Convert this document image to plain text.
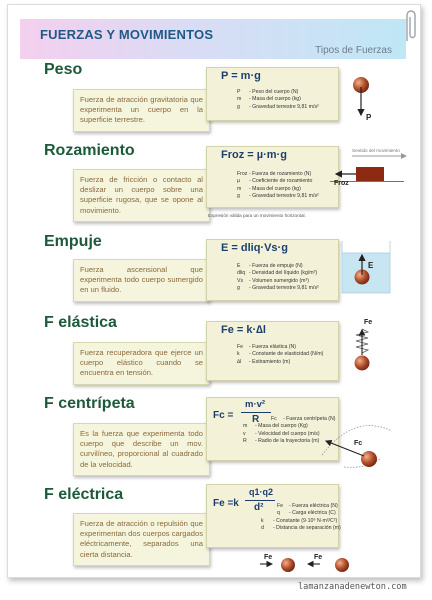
FUERZAS Y MOVIMIENTOS
Tipos de Fuerzas
Peso
Fuerza de atracción gravitatoria que experimenta un cuerpo en la superficie terrestre.
P = m·g
P	- Peso del cuerpo (N)
m	- Masa del cuerpo (kg)
g	- Gravedad terrestre 9,81 m/s²
P
Rozamiento
Fuerza de fricción o contacto al deslizar un cuerpo sobre una superficie rugosa, que se opone al movimiento.
Froz = µ·m·g
Froz - Fuerza de rozamiento (N)
µ	- Coeficiente de rozamiento
m	- Masa del cuerpo (kg)
g	- Gravedad terrestre 9,81 m/s²
Expresión válida para un movimiento horizontal.
Sentido del movimiento
Froz
Empuje
Fuerza ascensional que experimenta todo cuerpo sumergido en un fluido.
E = dliq·Vs·g
E	- Fuerza de empuje (N)
dliq - Densidad del líquido (kg/m³)
Vs	- Volumen sumergido (m³)
g	- Gravedad terrestre 9,81 m/s²
E
F elástica
Fuerza recuperadora que ejerce un cuerpo elástico cuando se encuentra en tensión.
Fe = k·∆l
Fe	- Fuerza elástica (N)
k	- Constante de elasticidad (N/m)
∆l	- Estiramiento (m)
Fe
F centrípeta
Es la fuerza que experimenta todo cuerpo que describe un mov. curvilíneo, proporcional al cuadrado de la velocidad.
Fc =
m·v²
R Fc	- Fuerza centrípeta (N)
m	- Masa del cuerpo (Kg)
v	- Velocidad del cuerpo (m/s)
R	- Radio de la trayectoria (m)	Fc
F eléctrica
Fuerza de atracción o repulsión que experimentan dos cuerpos cargados eléctricamente, separados una cierta distancia.
Fe =k
q1·q2
d²	Fe	- Fuerza eléctrica (N)
q	- Carga eléctrica (C)
k	- Constante (9·10⁹ N·m²/C²)
d	- Distancia de separación (m)
Fe	Fe
lamanzanadenewton.com
